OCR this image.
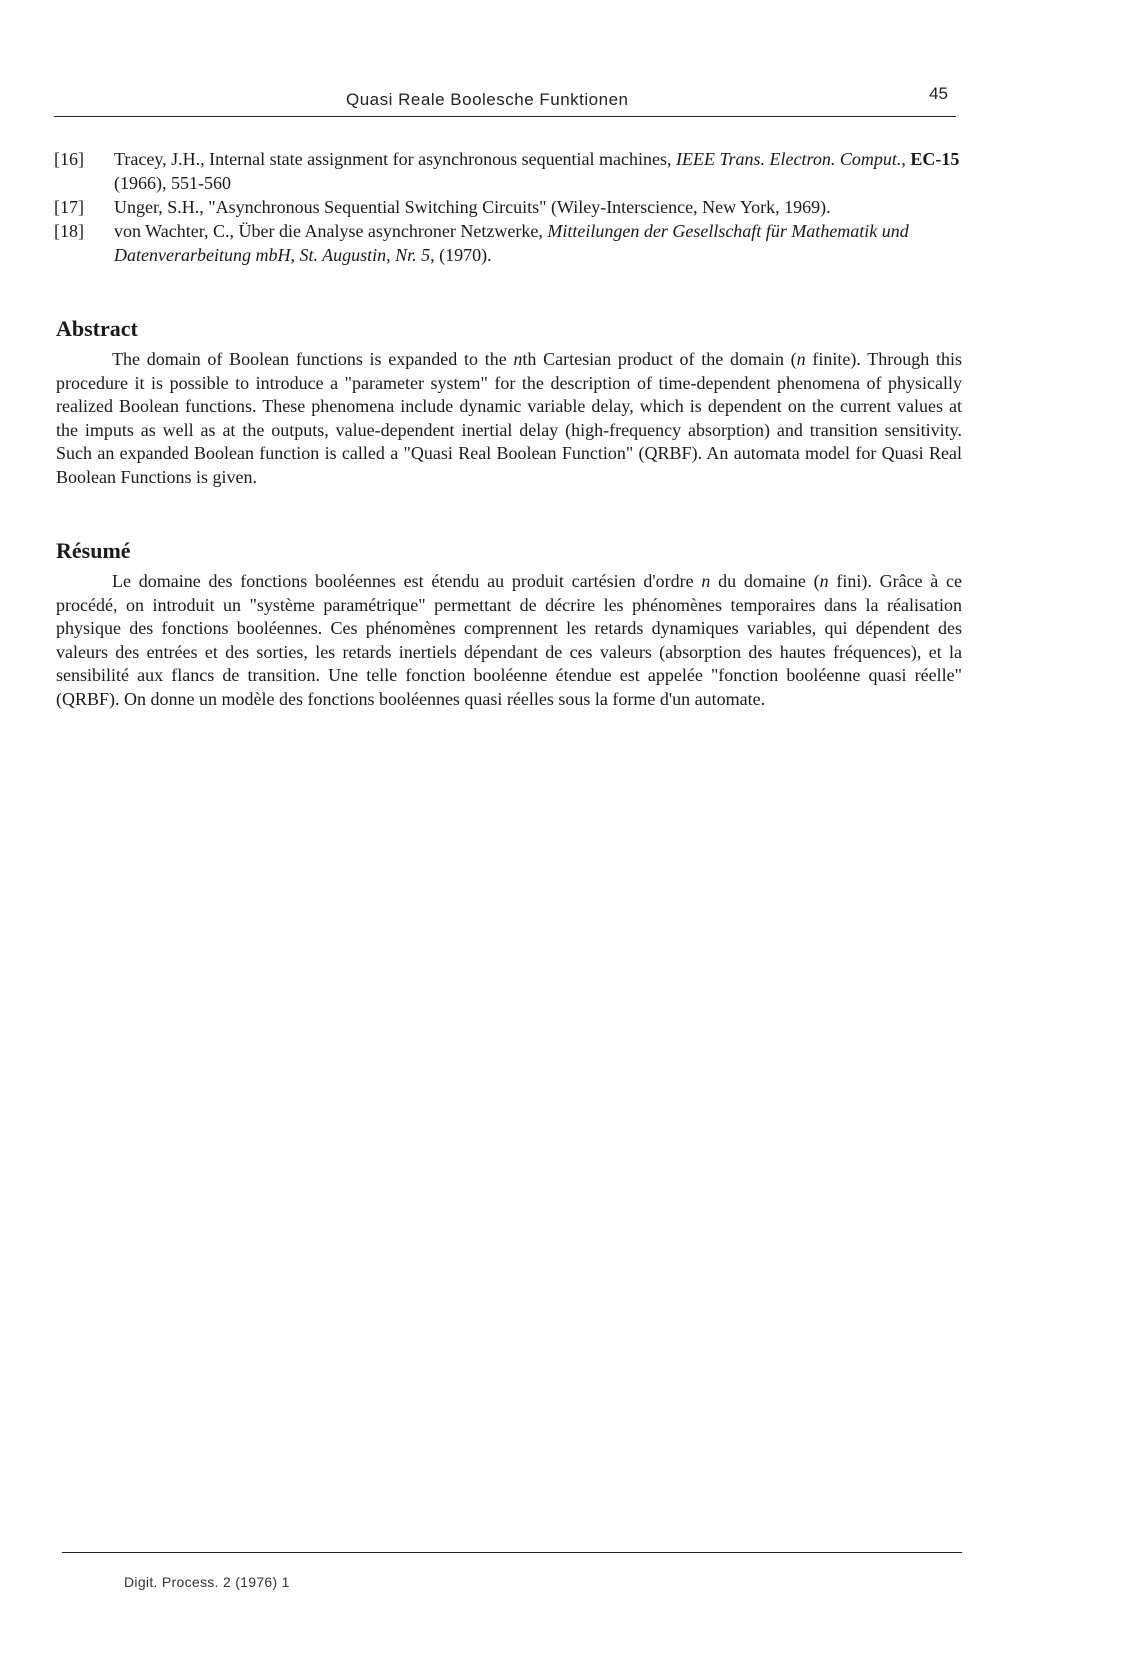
Quasi Reale Boolesche Funktionen	45
[16]	Tracey, J.H., Internal state assignment for asynchronous sequential machines, IEEE Trans. Electron. Comput., EC-15 (1966), 551-560
[17]	Unger, S.H., "Asynchronous Sequential Switching Circuits" (Wiley-Interscience, New York, 1969).
[18]	von Wachter, C., Über die Analyse asynchroner Netzwerke, Mitteilungen der Gesellschaft für Mathematik und Datenverarbeitung mbH, St. Augustin, Nr. 5, (1970).
Abstract

The domain of Boolean functions is expanded to the nth Cartesian product of the domain (n finite). Through this procedure it is possible to introduce a "parameter system" for the description of time-dependent phenomena of physically realized Boolean functions. These phenomena include dynamic variable delay, which is dependent on the current values at the imputs as well as at the outputs, value-dependent inertial delay (high-frequency absorption) and transition sensitivity. Such an expanded Boolean function is called a "Quasi Real Boolean Function" (QRBF). An automata model for Quasi Real Boolean Functions is given.

Résumé

Le domaine des fonctions booléennes est étendu au produit cartésien d'ordre n du domaine (n fini). Grâce à ce procédé, on introduit un "système paramétrique" permettant de décrire les phénomènes temporaires dans la réalisation physique des fonctions booléennes. Ces phénomènes comprennent les retards dynamiques variables, qui dépendent des valeurs des entrées et des sorties, les retards inertiels dépendant de ces valeurs (absorption des hautes fréquences), et la sensibilité aux flancs de transition. Une telle fonction booléenne étendue est appelée "fonction booléenne quasi réelle" (QRBF). On donne un modèle des fonctions booléennes quasi réelles sous la forme d'un automate.

Digit. Process. 2 (1976) 1
